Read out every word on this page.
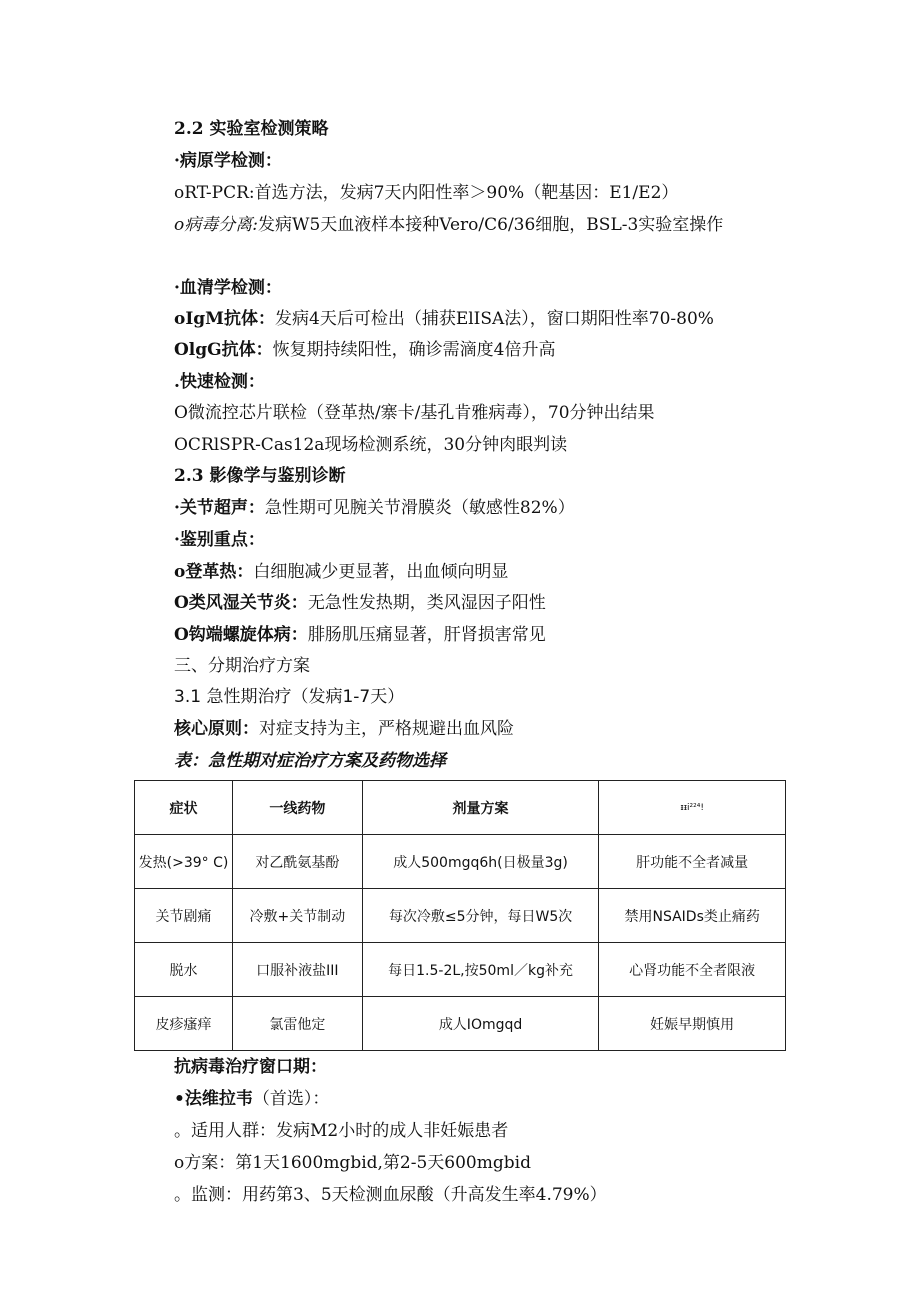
2.2 实验室检测策略
·病原学检测：
oRT-PCR:首选方法，发病7天内阳性率＞90%（靶基因：E1/E2）
o病毒分离:发病W5天血液样本接种Vero/C6/36细胞，BSL-3实验室操作
·血清学检测：
oIgM抗体：发病4天后可检出（捕获ElISA法），窗口期阳性率70-80%
OlgG抗体：恢复期持续阳性，确诊需滴度4倍升高
.快速检测：
O微流控芯片联检（登革热/寨卡/基孔肯雅病毒），70分钟出结果
OCRlSPR-Cas12a现场检测系统，30分钟肉眼判读
2.3 影像学与鉴别诊断
·关节超声：急性期可见腕关节滑膜炎（敏感性82%）
·鉴别重点：
o登革热：白细胞减少更显著，出血倾向明显
O类风湿关节炎：无急性发热期，类风湿因子阳性
O钩端螺旋体病：腓肠肌压痛显著，肝肾损害常见
三、分期治疗方案
3.1 急性期治疗（发病1-7天）
核心原则：对症支持为主，严格规避出血风险
表：急性期对症治疗方案及药物选择
症状	一线药物	剂量方案	ᵻᵻi²²⁴!
发热(>39° C)	对乙酰氨基酚	成人500mgq6h(日极量3g)	肝功能不全者减量
关节剧痛	冷敷+关节制动	每次冷敷≤5分钟，每日W5次	禁用NSAIDs类止痛药
脱水	口服补液盐III	每日1.5-2L,按50ml／kg补充	心肾功能不全者限液
皮疹瘙痒	氯雷他定	成人IOmgqd	妊娠早期慎用
抗病毒治疗窗口期：
•法维拉韦（首选）：
。适用人群：发病M2小时的成人非妊娠患者
o方案：第1天1600mgbid,第2-5天600mgbid
。监测：用药第3、5天检测血尿酸（升高发生率4.79%）
